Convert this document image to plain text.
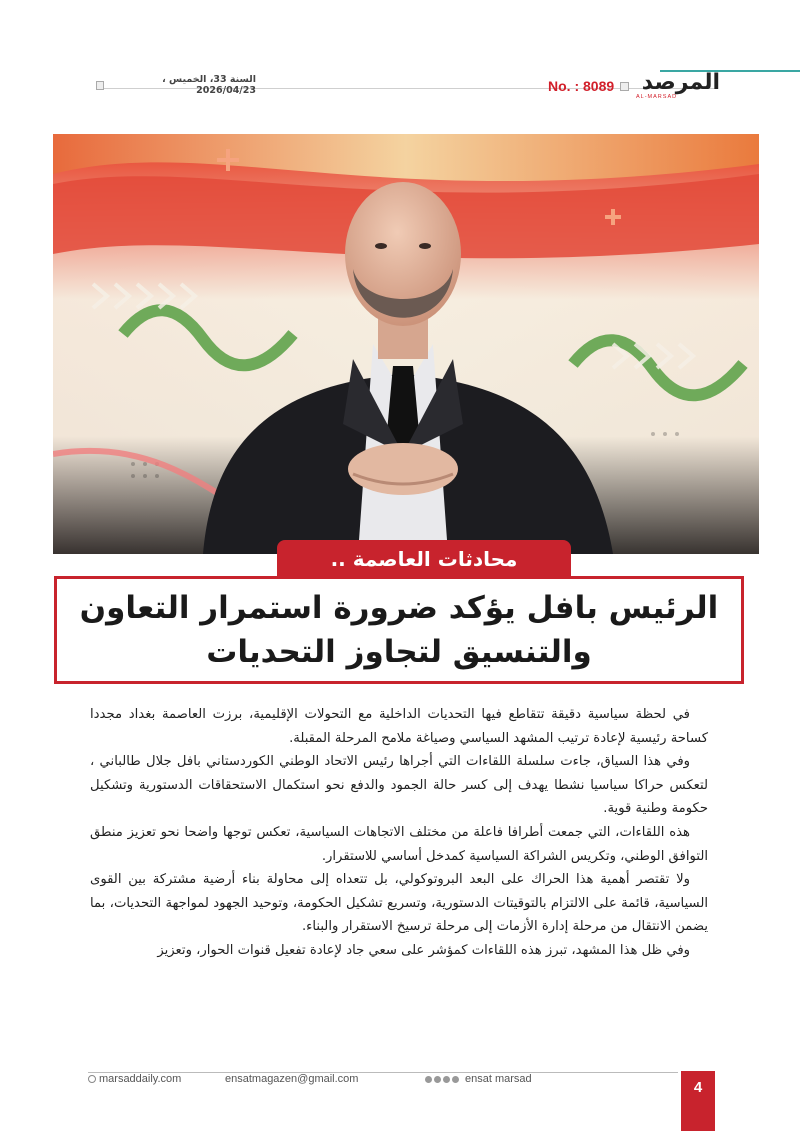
السنة 33، الخميس ، 2026/04/23	No. : 8089 المرصد
AL-MARSAD
محادثات العاصمة ..
الرئيس بافل يؤكد ضرورة استمرار التعاون
والتنسيق لتجاوز التحديات

في لحظة سياسية دقيقة تتقاطع فيها التحديات الداخلية مع التحولات الإقليمية، برزت العاصمة بغداد مجددا كساحة رئيسية لإعادة ترتيب المشهد السياسي وصياغة ملامح المرحلة المقبلة.

وفي هذا السياق، جاءت سلسلة اللقاءات التي أجراها رئيس الاتحاد الوطني الكوردستاني بافل جلال طالباني ، لتعكس حراكا سياسيا نشطا يهدف إلى كسر حالة الجمود والدفع نحو استكمال الاستحقاقات الدستورية وتشكيل حكومة وطنية قوية.

هذه اللقاءات، التي جمعت أطرافا فاعلة من مختلف الاتجاهات السياسية، تعكس توجها واضحا نحو تعزيز منطق التوافق الوطني، وتكريس الشراكة السياسية كمدخل أساسي للاستقرار.

ولا تقتصر أهمية هذا الحراك على البعد البروتوكولي، بل تتعداه إلى محاولة بناء أرضية مشتركة بين القوى السياسية، قائمة على الالتزام بالتوقيتات الدستورية، وتسريع تشكيل الحكومة، وتوحيد الجهود لمواجهة التحديات، بما يضمن الانتقال من مرحلة إدارة الأزمات إلى مرحلة ترسيخ الاستقرار والبناء.

وفي ظل هذا المشهد، تبرز هذه اللقاءات كمؤشر على سعي جاد لإعادة تفعيل قنوات الحوار، وتعزيز

marsaddaily.com	ensatmagazen@gmail.com	ensat marsad	4
